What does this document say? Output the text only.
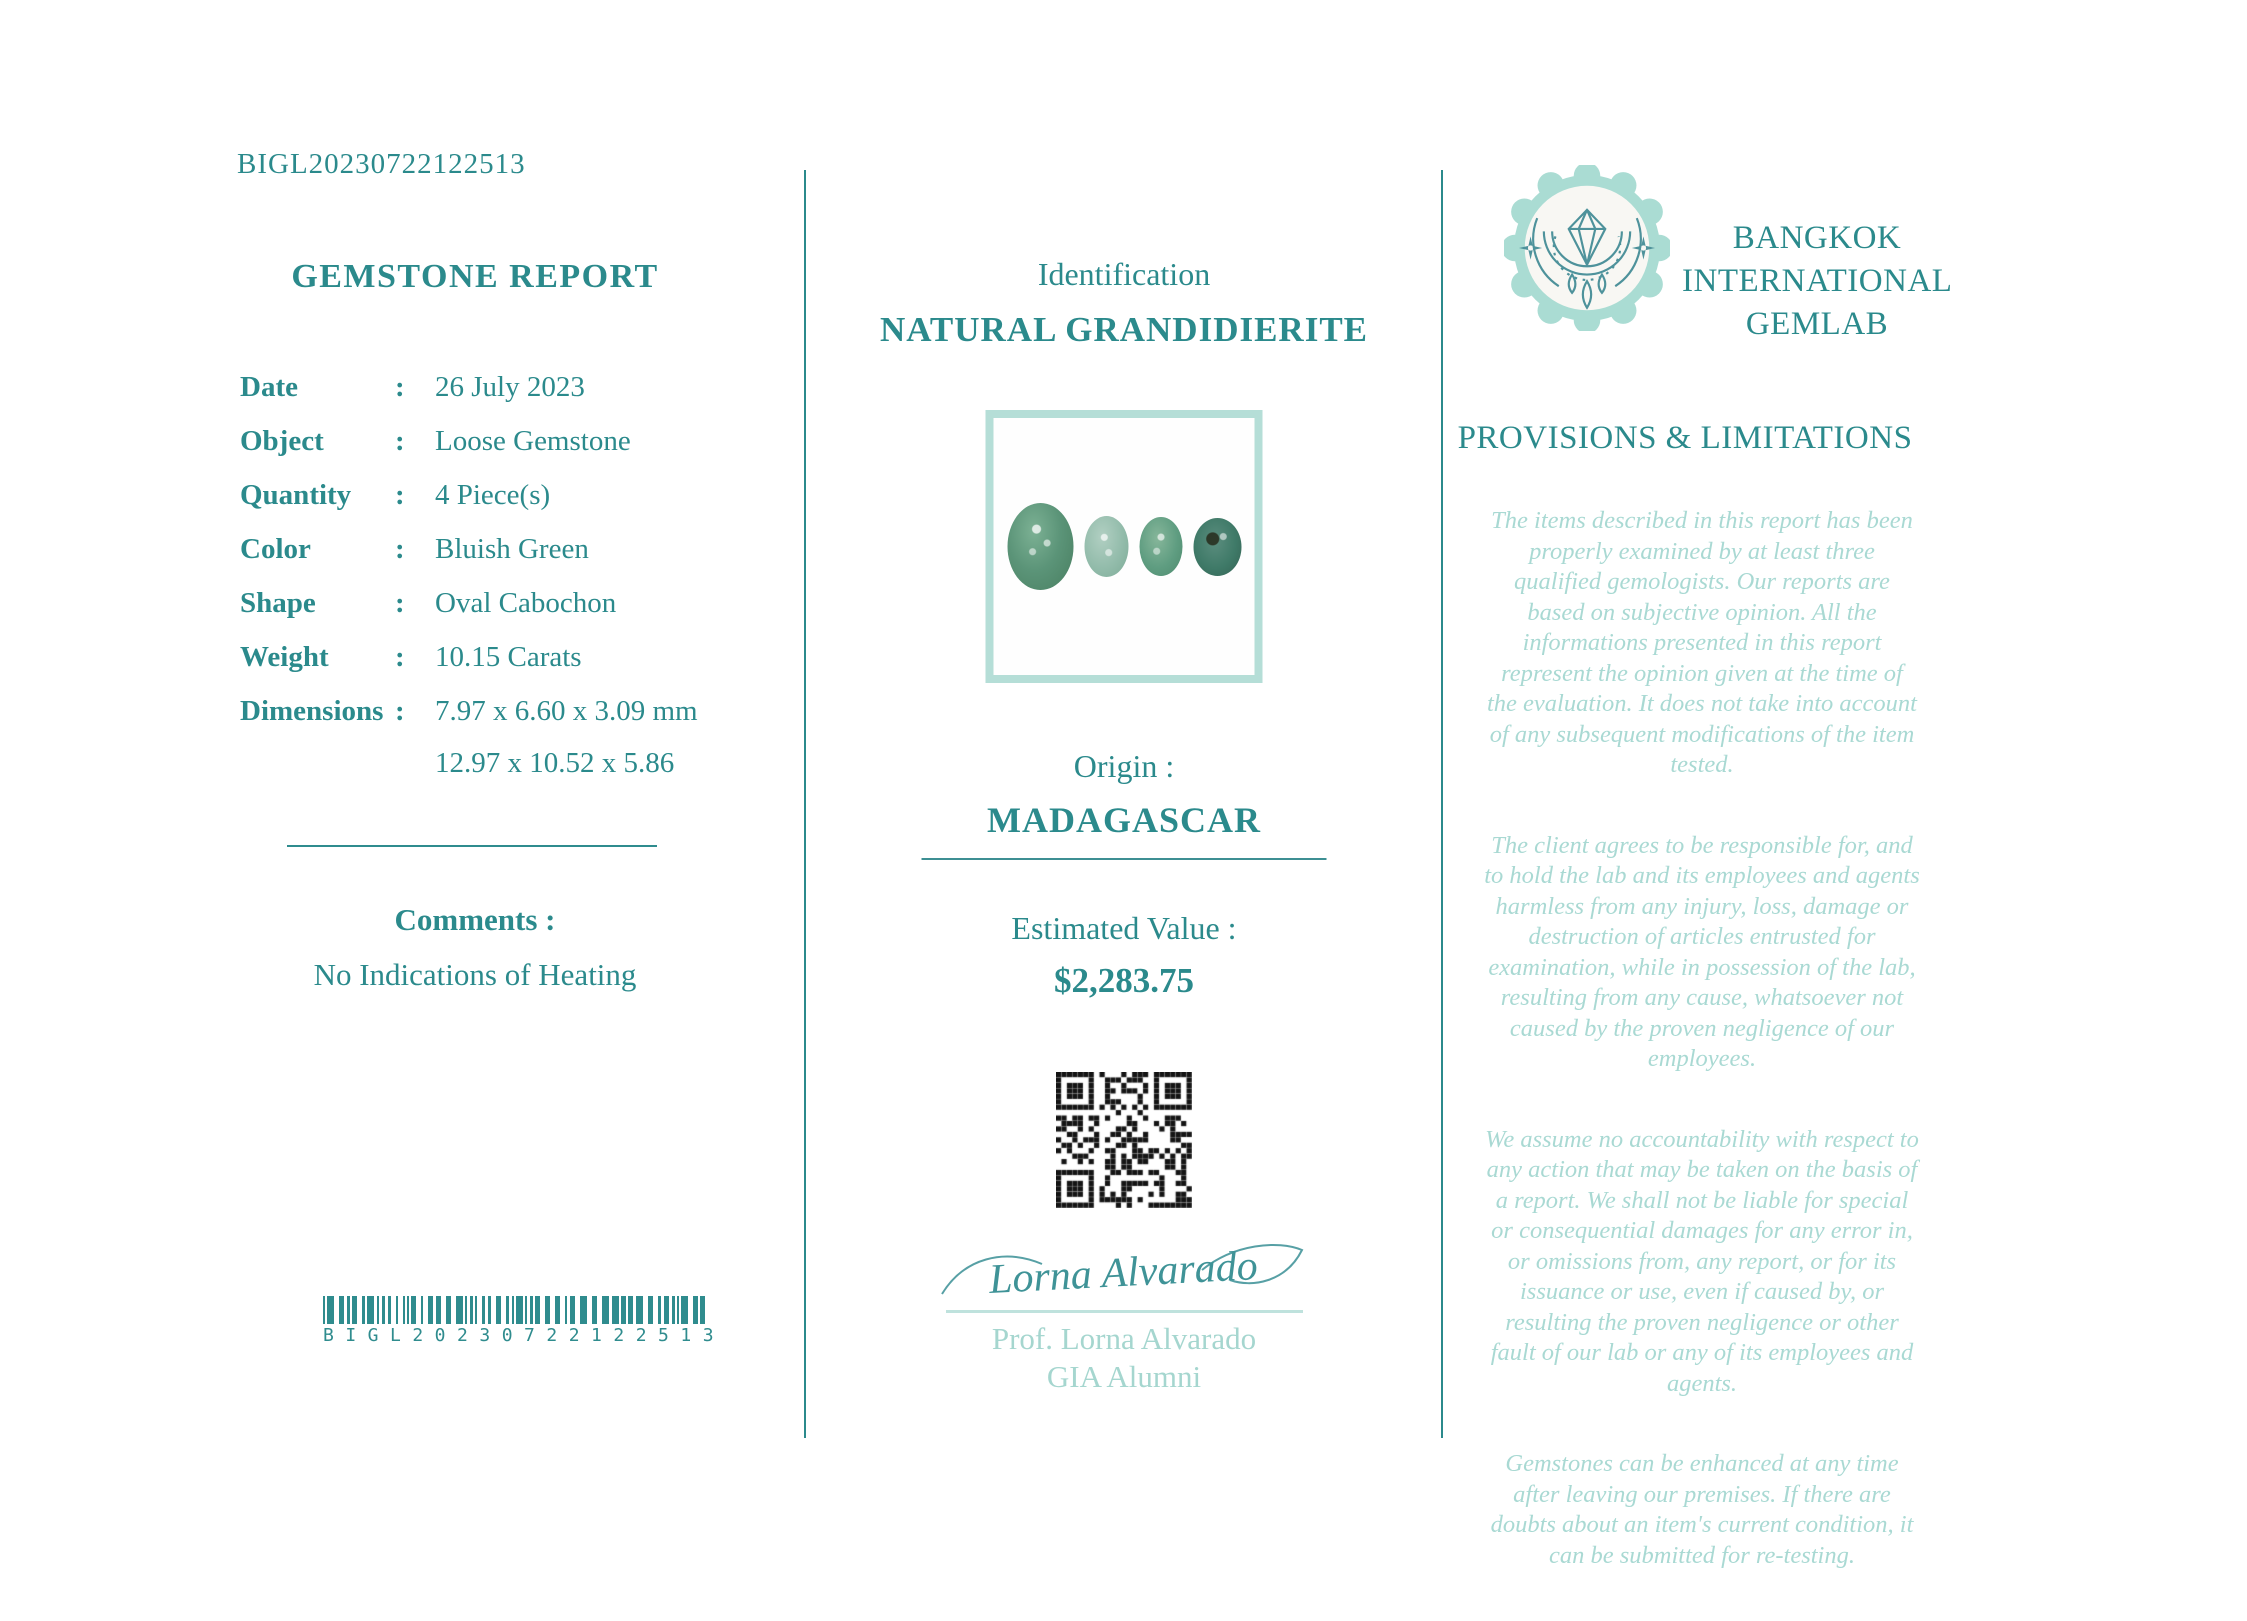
BIGL20230722122513
GEMSTONE REPORT
Date	:	26 July 2023
Object	:	Loose Gemstone
Quantity	:	4 Piece(s)
Color	:	Bluish Green
Shape	:	Oval Cabochon
Weight	:	10.15 Carats
Dimensions :	7.97 x 6.60 x 3.09 mm
12.97 x 10.52 x 5.86
Comments :
No Indications of Heating
BIGL20230722122513
Identification
NATURAL GRANDIDIERITE
Origin :
MADAGASCAR
Estimated Value :
$2,283.75
Lorna Alvarado
Prof. Lorna Alvarado
GIA Alumni
BANGKOK
INTERNATIONAL
GEMLAB
PROVISIONS & LIMITATIONS

The items described in this report has been properly examined by at least three qualified gemologists. Our reports are based on subjective opinion. All the informations presented in this report represent the opinion given at the time of the evaluation. It does not take into account of any subsequent modifications of the item tested.

The client agrees to be responsible for, and to hold the lab and its employees and agents harmless from any injury, loss, damage or destruction of articles entrusted for examination, while in possession of the lab, resulting from any cause, whatsoever not caused by the proven negligence of our employees.

We assume no accountability with respect to any action that may be taken on the basis of a report. We shall not be liable for special or consequential damages for any error in, or omissions from, any report, or for its issuance or use, even if caused by, or resulting the proven negligence or other fault of our lab or any of its employees and agents.

Gemstones can be enhanced at any time after leaving our premises. If there are doubts about an item's current condition, it can be submitted for re-testing.
